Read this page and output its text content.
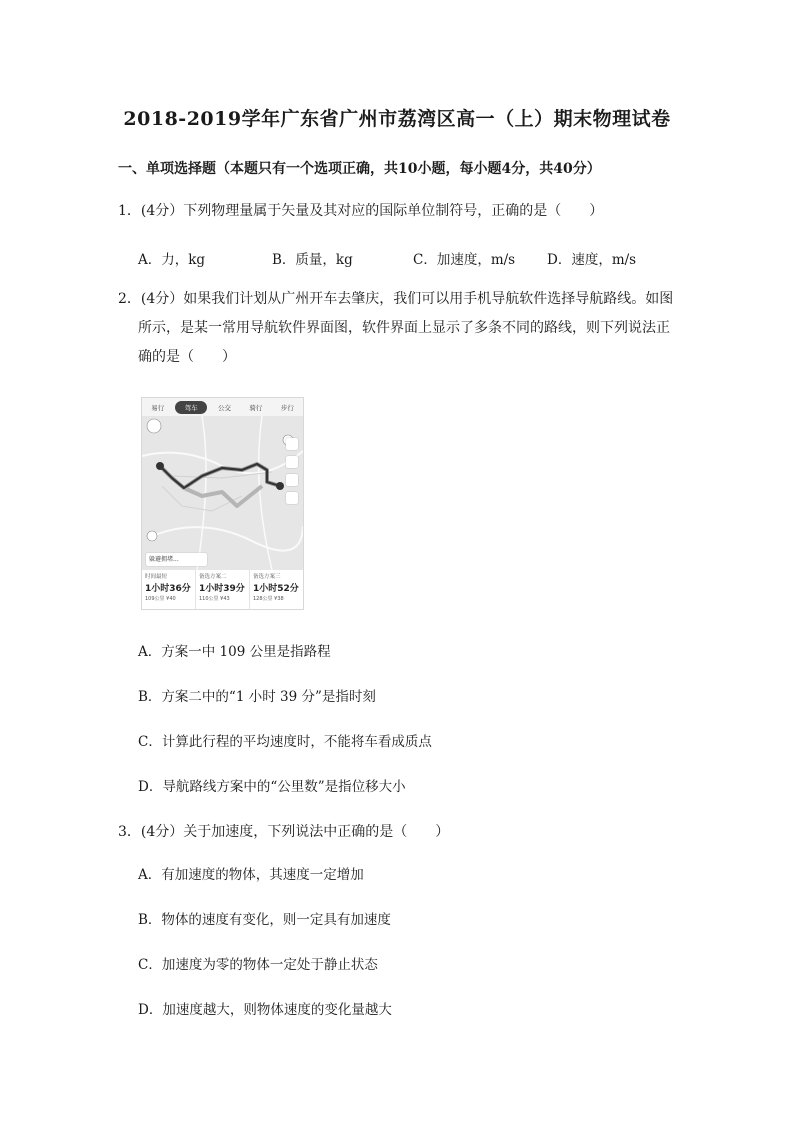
2018-2019学年广东省广州市荔湾区高一（上）期末物理试卷
一、单项选择题（本题只有一个选项正确，共10小题，每小题4分，共40分）
1．(4分）下列物理量属于矢量及其对应的国际单位制符号，正确的是（　　）
A．力，kg	B．质量，kg	C．加速度，m/s D．速度，m/s
2．(4分）如果我们计划从广州开车去肇庆，我们可以用手机导航软件选择导航路线。如图
所示，是某一常用导航软件界面图，软件界面上显示了多条不同的路线，则下列说法正
确的是（　　）
易行	驾车	公交	骑行	步行
躲避拥堵...
时间最短
1小时36分
109公里 ¥40
备选方案二
1小时39分
110公里 ¥43
备选方案三
1小时52分
128公里 ¥38
A．方案一中 109 公里是指路程
B．方案二中的“1 小时 39 分”是指时刻
C．计算此行程的平均速度时，不能将车看成质点
D．导航路线方案中的“公里数”是指位移大小
3．(4分）关于加速度，下列说法中正确的是（　　）
A．有加速度的物体，其速度一定增加
B．物体的速度有变化，则一定具有加速度
C．加速度为零的物体一定处于静止状态
D．加速度越大，则物体速度的变化量越大
